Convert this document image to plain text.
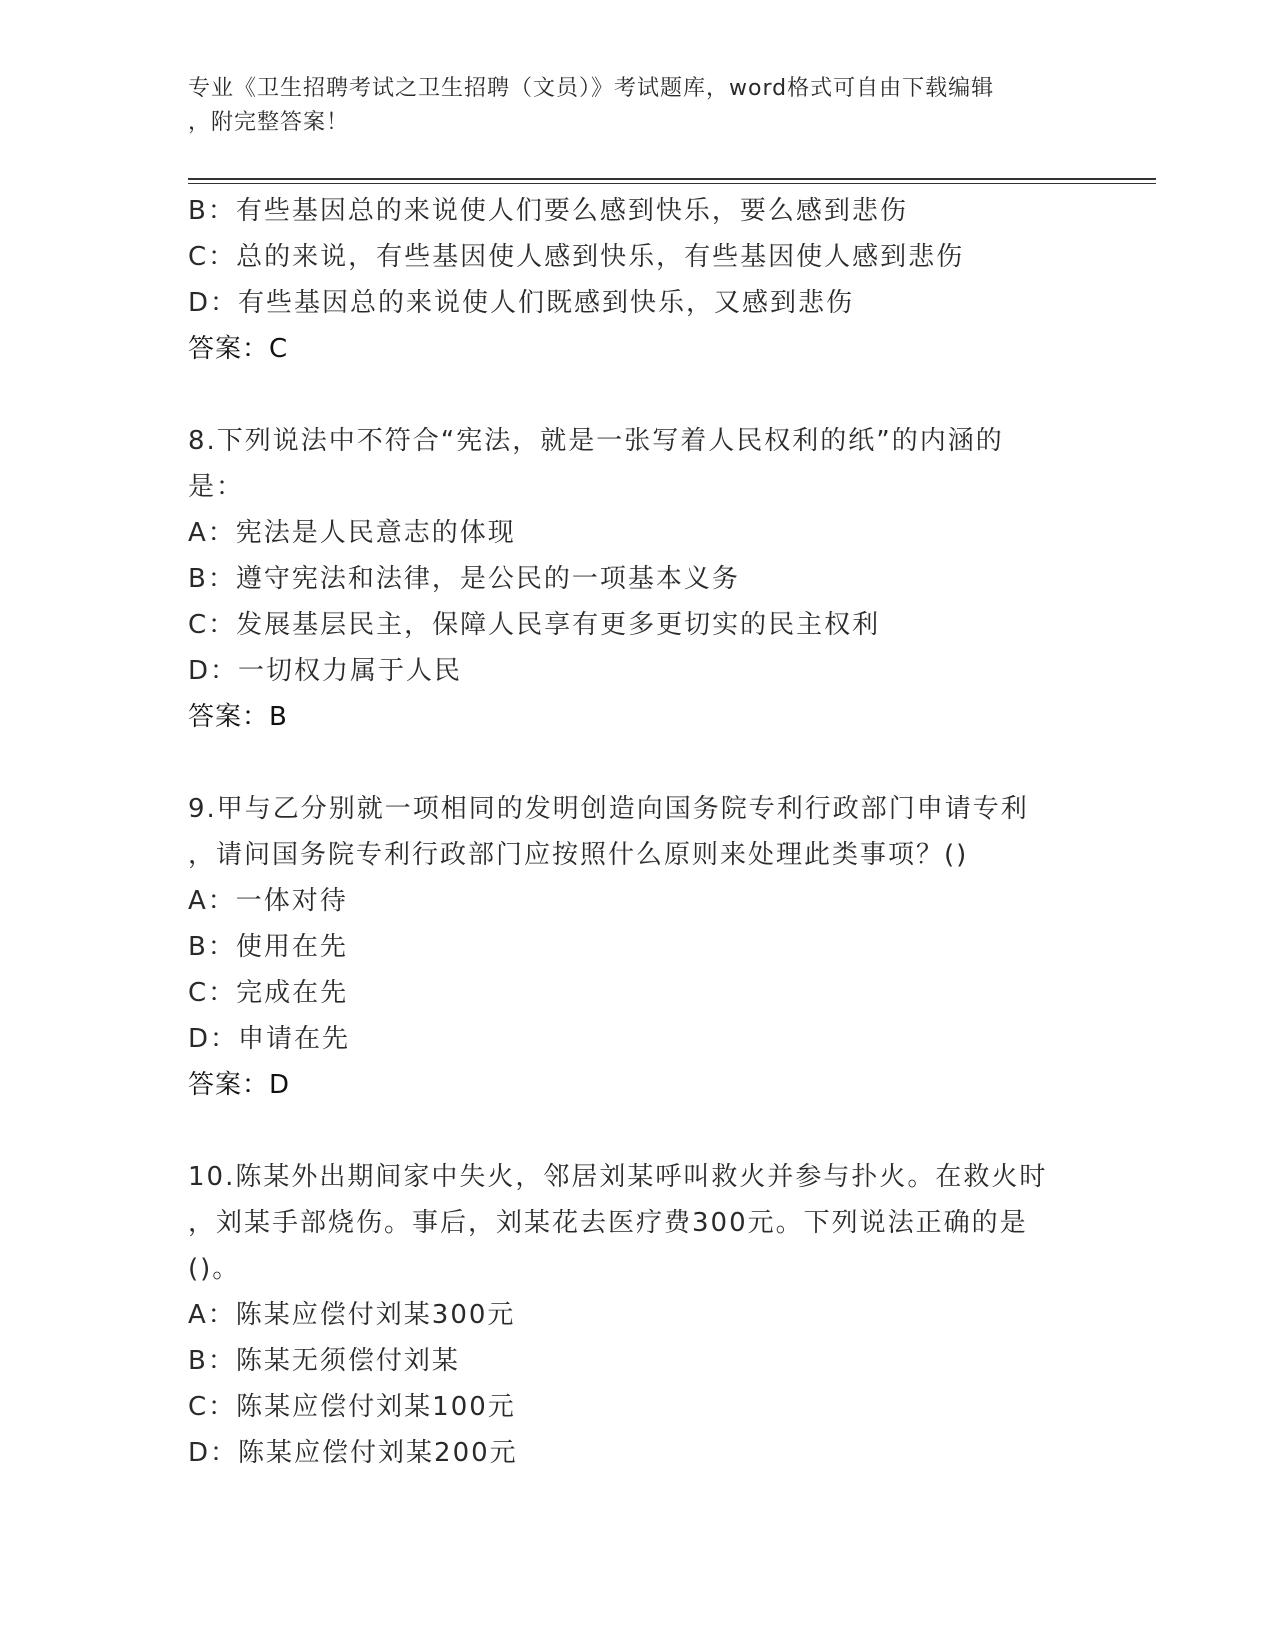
专业《卫生招聘考试之卫生招聘（文员）》考试题库，word格式可自由下载编辑
，附完整答案！
B：有些基因总的来说使人们要么感到快乐，要么感到悲伤
C：总的来说，有些基因使人感到快乐，有些基因使人感到悲伤
D：有些基因总的来说使人们既感到快乐，又感到悲伤
答案：C
8.下列说法中不符合“宪法，就是一张写着人民权利的纸”的内涵的
是：
A：宪法是人民意志的体现
B：遵守宪法和法律，是公民的一项基本义务
C：发展基层民主，保障人民享有更多更切实的民主权利
D：一切权力属于人民
答案：B
9.甲与乙分别就一项相同的发明创造向国务院专利行政部门申请专利
，请问国务院专利行政部门应按照什么原则来处理此类事项？()
A：一体对待
B：使用在先
C：完成在先
D：申请在先
答案：D
10.陈某外出期间家中失火，邻居刘某呼叫救火并参与扑火。在救火时
，刘某手部烧伤。事后，刘某花去医疗费300元。下列说法正确的是
()。
A：陈某应偿付刘某300元
B：陈某无须偿付刘某
C：陈某应偿付刘某100元
D：陈某应偿付刘某200元
